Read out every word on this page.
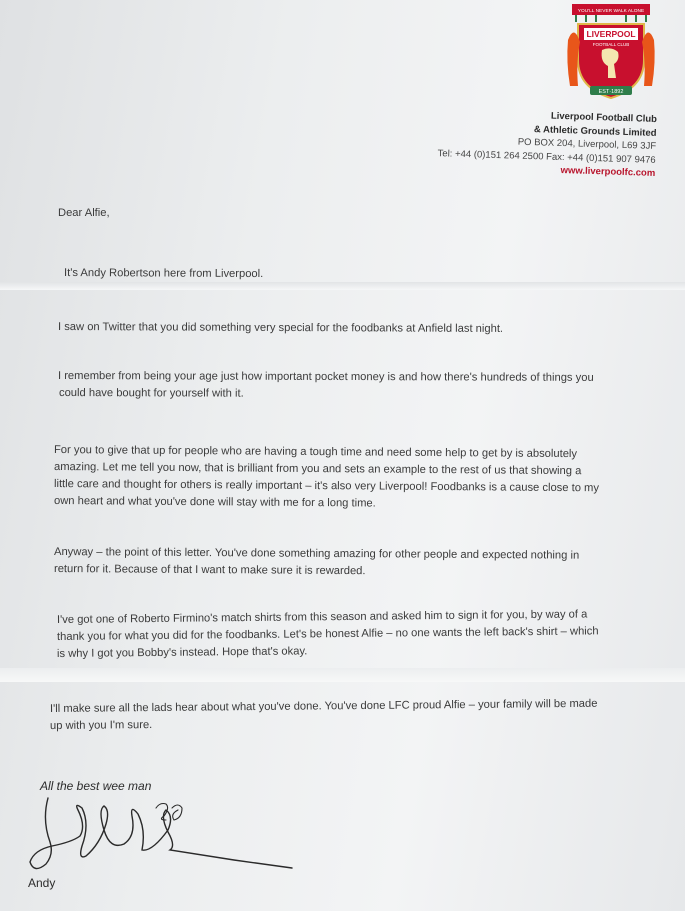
YOU'LL NEVER WALK ALONE
LIVERPOOL
FOOTBALL CLUB
EST·1892
Liverpool Football Club
& Athletic Grounds Limited
PO BOX 204, Liverpool, L69 3JF
Tel: +44 (0)151 264 2500 Fax: +44 (0)151 907 9476
www.liverpoolfc.com
Dear Alfie,
It's Andy Robertson here from Liverpool.
I saw on Twitter that you did something very special for the foodbanks at Anfield last night.
I remember from being your age just how important pocket money is and how there's hundreds of things you
could have bought for yourself with it.
For you to give that up for people who are having a tough time and need some help to get by is absolutely
amazing. Let me tell you now, that is brilliant from you and sets an example to the rest of us that showing a
little care and thought for others is really important – it's also very Liverpool! Foodbanks is a cause close to my
own heart and what you've done will stay with me for a long time.
Anyway – the point of this letter. You've done something amazing for other people and expected nothing in
return for it. Because of that I want to make sure it is rewarded.
I've got one of Roberto Firmino's match shirts from this season and asked him to sign it for you, by way of a
thank you for what you did for the foodbanks. Let's be honest Alfie – no one wants the left back's shirt – which
is why I got you Bobby's instead. Hope that's okay.
I'll make sure all the lads hear about what you've done. You've done LFC proud Alfie – your family will be made
up with you I'm sure.
All the best wee man
Andy
